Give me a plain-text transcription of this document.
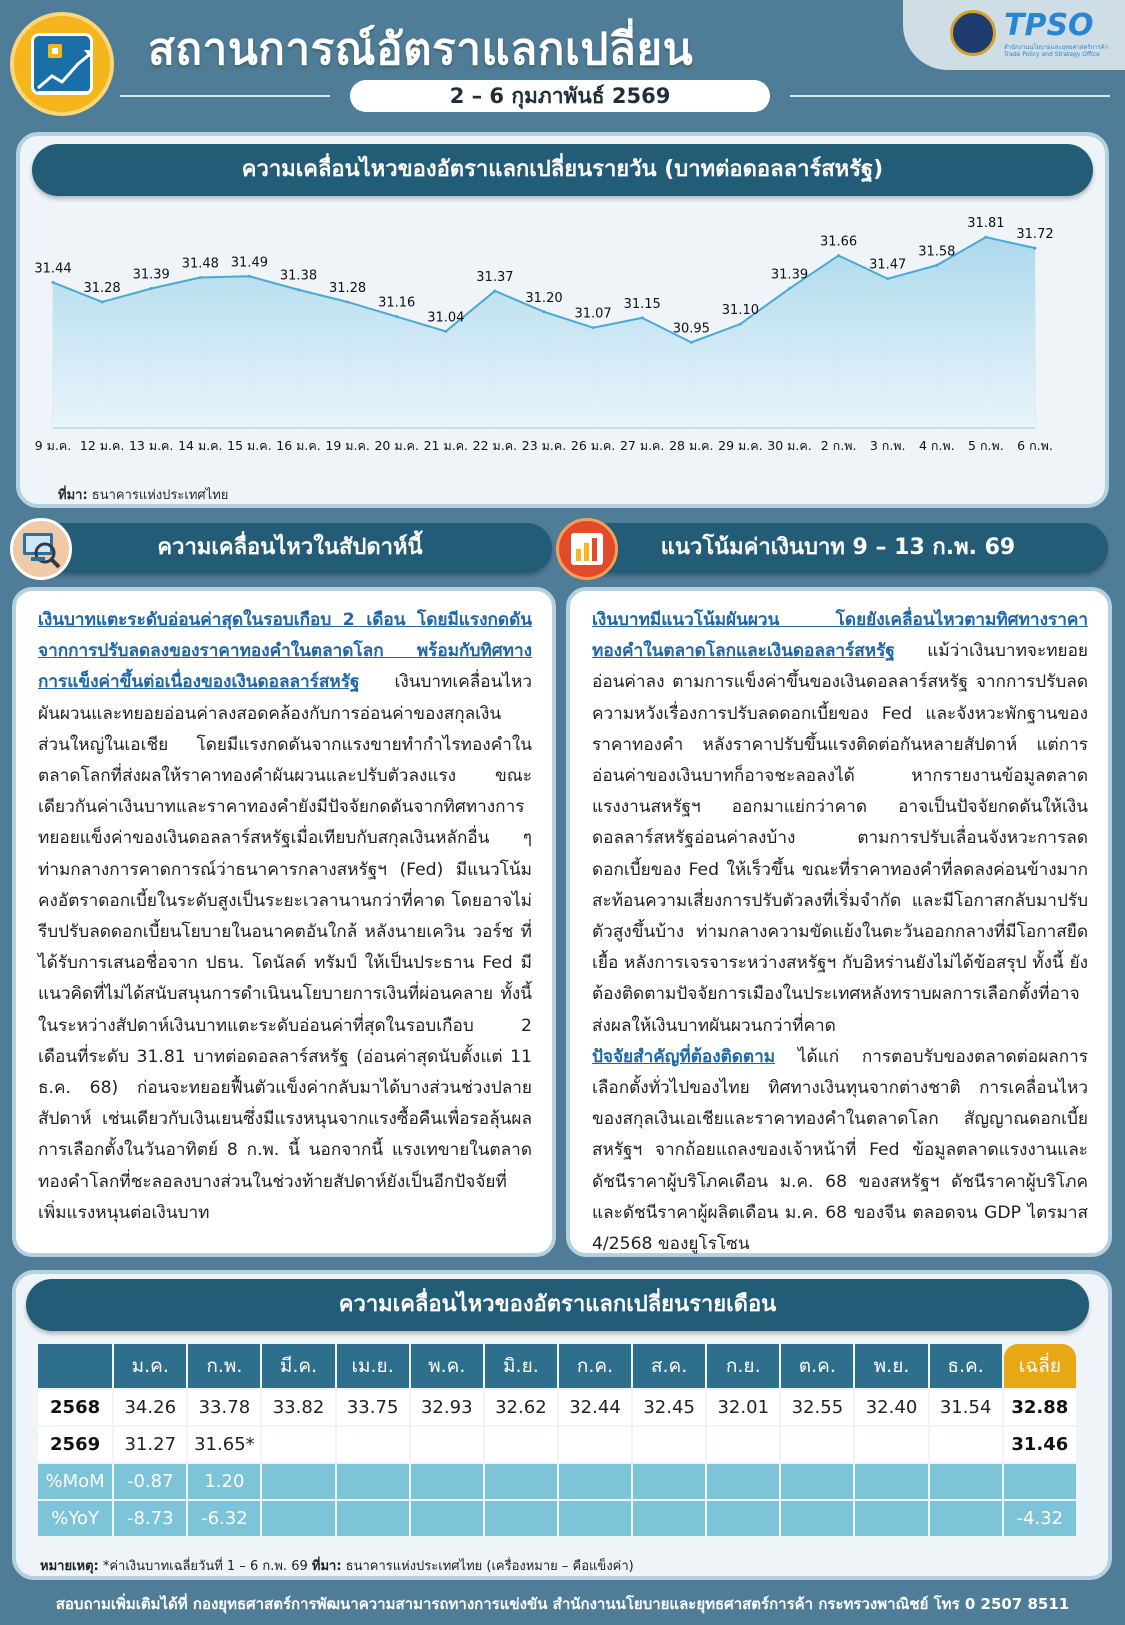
สถานการณ์อัตราแลกเปลี่ยน
2 – 6 กุมภาพันธ์ 2569
TPSO
สำนักงานนโยบายและยุทธศาสตร์การค้า Trade Policy and Strategy Office
ความเคลื่อนไหวของอัตราแลกเปลี่ยนรายวัน (บาทต่อดอลลาร์สหรัฐ)
31.44
9 ม.ค.
31.28
12 ม.ค.
31.39
13 ม.ค.
31.48
14 ม.ค.
31.49
15 ม.ค.
31.38
16 ม.ค.
31.28
19 ม.ค.
31.16
20 ม.ค.
31.04
21 ม.ค.
31.37
22 ม.ค.
31.20
23 ม.ค.
31.07
26 ม.ค.
31.15
27 ม.ค.
30.95
28 ม.ค.
31.10
29 ม.ค.
31.39
30 ม.ค.
31.66
2 ก.พ.
31.47
3 ก.พ.
31.58
4 ก.พ.
31.81
5 ก.พ.
31.72
6 ก.พ.
ที่มา: ธนาคารแห่งประเทศไทย
ความเคลื่อนไหวในสัปดาห์นี้	แนวโน้มค่าเงินบาท 9 – 13 ก.พ. 69
เงินบาทแตะระดับอ่อนค่าสุดในรอบเกือบ 2 เดือน โดยมีแรงกดดันจากการปรับลดลงของราคาทองคำในตลาดโลก พร้อมกับทิศทางการแข็งค่าขึ้นต่อเนื่องของเงินดอลลาร์สหรัฐ เงินบาทเคลื่อนไหวผันผวนและทยอยอ่อนค่าลงสอดคล้องกับการอ่อนค่าของสกุลเงินส่วนใหญ่ในเอเชีย โดยมีแรงกดดันจากแรงขายทำกำไรทองคำในตลาดโลกที่ส่งผลให้ราคาทองคำผันผวนและปรับตัวลงแรง ขณะเดียวกันค่าเงินบาทและราคาทองคำยังมีปัจจัยกดดันจากทิศทางการทยอยแข็งค่าของเงินดอลลาร์สหรัฐเมื่อเทียบกับสกุลเงินหลักอื่น ๆ ท่ามกลางการคาดการณ์ว่าธนาคารกลางสหรัฐฯ (Fed) มีแนวโน้มคงอัตราดอกเบี้ยในระดับสูงเป็นระยะเวลานานกว่าที่คาด โดยอาจไม่รีบปรับลดดอกเบี้ยนโยบายในอนาคตอันใกล้ หลังนายเควิน วอร์ช ที่ได้รับการเสนอชื่อจาก ปธน. โดนัลด์ ทรัมป์ ให้เป็นประธาน Fed มีแนวคิดที่ไม่ได้สนับสนุนการดำเนินนโยบายการเงินที่ผ่อนคลาย ทั้งนี้ ในระหว่างสัปดาห์เงินบาทแตะระดับอ่อนค่าที่สุดในรอบเกือบ 2 เดือนที่ระดับ 31.81 บาทต่อดอลลาร์สหรัฐ (อ่อนค่าสุดนับตั้งแต่ 11 ธ.ค. 68) ก่อนจะทยอยฟื้นตัวแข็งค่ากลับมาได้บางส่วนช่วงปลายสัปดาห์ เช่นเดียวกับเงินเยนซึ่งมีแรงหนุนจากแรงซื้อคืนเพื่อรอลุ้นผลการเลือกตั้งในวันอาทิตย์ 8 ก.พ. นี้ นอกจากนี้ แรงเทขายในตลาดทองคำโลกที่ชะลอลงบางส่วนในช่วงท้ายสัปดาห์ยังเป็นอีกปัจจัยที่เพิ่มแรงหนุนต่อเงินบาท
เงินบาทมีแนวโน้มผันผวน โดยยังเคลื่อนไหวตามทิศทางราคาทองคำในตลาดโลกและเงินดอลลาร์สหรัฐ แม้ว่าเงินบาทจะทยอยอ่อนค่าลง ตามการแข็งค่าขึ้นของเงินดอลลาร์สหรัฐ จากการปรับลดความหวังเรื่องการปรับลดดอกเบี้ยของ Fed และจังหวะพักฐานของราคาทองคำ หลังราคาปรับขึ้นแรงติดต่อกันหลายสัปดาห์ แต่การอ่อนค่าของเงินบาทก็อาจชะลอลงได้ หากรายงานข้อมูลตลาดแรงงานสหรัฐฯ ออกมาแย่กว่าคาด อาจเป็นปัจจัยกดดันให้เงินดอลลาร์สหรัฐอ่อนค่าลงบ้าง ตามการปรับเลื่อนจังหวะการลดดอกเบี้ยของ Fed ให้เร็วขึ้น ขณะที่ราคาทองคำที่ลดลงค่อนข้างมากสะท้อนความเสี่ยงการปรับตัวลงที่เริ่มจำกัด และมีโอกาสกลับมาปรับตัวสูงขึ้นบ้าง ท่ามกลางความขัดแย้งในตะวันออกกลางที่มีโอกาสยืดเยื้อ หลังการเจรจาระหว่างสหรัฐฯ กับอิหร่านยังไม่ได้ข้อสรุป ทั้งนี้ ยังต้องติดตามปัจจัยการเมืองในประเทศหลังทราบผลการเลือกตั้งที่อาจส่งผลให้เงินบาทผันผวนกว่าที่คาด
ปัจจัยสำคัญที่ต้องติดตาม ได้แก่ การตอบรับของตลาดต่อผลการเลือกตั้งทั่วไปของไทย ทิศทางเงินทุนจากต่างชาติ การเคลื่อนไหวของสกุลเงินเอเชียและราคาทองคำในตลาดโลก สัญญาณดอกเบี้ยสหรัฐฯ จากถ้อยแถลงของเจ้าหน้าที่ Fed ข้อมูลตลาดแรงงานและดัชนีราคาผู้บริโภคเดือน ม.ค. 68 ของสหรัฐฯ ดัชนีราคาผู้บริโภคและดัชนีราคาผู้ผลิตเดือน ม.ค. 68 ของจีน ตลอดจน GDP ไตรมาส 4/2568 ของยูโรโซน
ความเคลื่อนไหวของอัตราแลกเปลี่ยนรายเดือน
	ม.ค.	ก.พ.	มี.ค.	เม.ย.	พ.ค.	มิ.ย.	ก.ค.	ส.ค.	ก.ย.	ต.ค.	พ.ย.	ธ.ค.	เฉลี่ย
2568	34.26	33.78	33.82	33.75	32.93	32.62	32.44	32.45	32.01	32.55	32.40	31.54	32.88
2569	31.27	31.65*											31.46
%MoM	-0.87	1.20											
%YoY	-8.73	-6.32											-4.32
หมายเหตุ: *ค่าเงินบาทเฉลี่ยวันที่ 1 – 6 ก.พ. 69 ที่มา: ธนาคารแห่งประเทศไทย (เครื่องหมาย – คือแข็งค่า)
สอบถามเพิ่มเติมได้ที่ กองยุทธศาสตร์การพัฒนาความสามารถทางการแข่งขัน สำนักงานนโยบายและยุทธศาสตร์การค้า กระทรวงพาณิชย์ โทร 0 2507 8511
